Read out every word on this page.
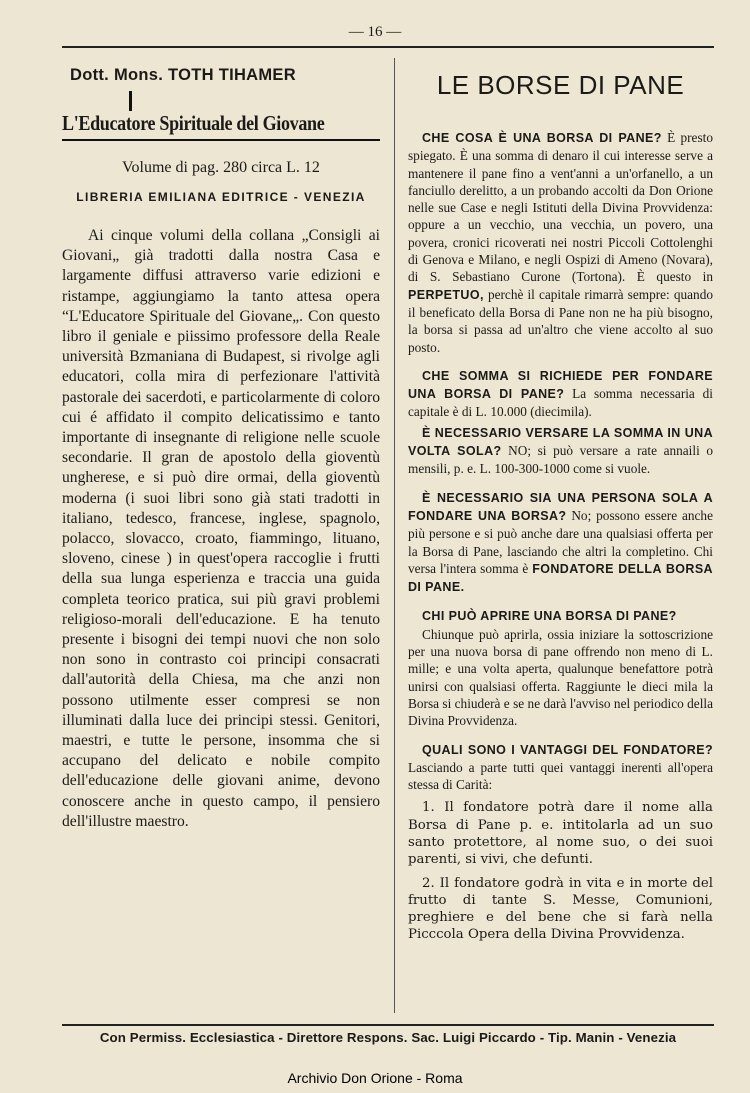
— 16 —
Dott. Mons. TOTH TIHAMER
L'Educatore Spirituale del Giovane
Volume di pag. 280 circa L. 12
LIBRERIA EMILIANA EDITRICE - VENEZIA

Ai cinque volumi della collana „Consigli ai Giovani„ già tradotti dalla nostra Casa e largamente diffusi attraverso varie edizioni e ristampe, aggiungiamo la tanto attesa opera “L'Educatore Spirituale del Giovane„. Con questo libro il geniale e piissimo professore della Reale università Bzmaniana di Budapest, si rivolge agli educatori, colla mira di perfezionare l'attività pastorale dei sacerdoti, e particolarmente di coloro cui é affidato il compito delicatissimo e tanto importante di insegnante di religione nelle scuole secondarie. Il gran de apostolo della gioventù ungherese, e si può dire ormai, della gioventù moderna (i suoi libri sono già stati tradotti in italiano, tedesco, francese, inglese, spagnolo, polacco, slovacco, croato, fiammingo, lituano, sloveno, cinese ) in quest'opera raccoglie i frutti della sua lunga esperienza e traccia una guida completa teorico pratica, sui più gravi problemi religioso-morali dell'educazione. E ha tenuto presente i bisogni dei tempi nuovi che non solo non sono in contrasto coi principi consacrati dall'autorità della Chiesa, ma che anzi non possono utilmente esser compresi se non illuminati dalla luce dei principi stessi. Genitori, maestri, e tutte le persone, insomma che si accupano del delicato e nobile compito dell'educazione delle giovani anime, devono conoscere anche in questo campo, il pensiero dell'illustre maestro.

LE BORSE DI PANE
CHE COSA È UNA BORSA DI PANE? È presto spiegato. È una somma di denaro il cui interesse serve a mantenere il pane fino a vent'anni a un'orfanello, a un fanciullo derelitto, a un probando accolti da Don Orione nelle sue Case e negli Istituti della Divina Provvidenza: oppure a un vecchio, una vecchia, un povero, una povera, cronici ricoverati nei nostri Piccoli Cottolenghi di Genova e Milano, e negli Ospizi di Ameno (Novara), di S. Sebastiano Curone (Tortona). È questo in PERPETUO, perchè il capitale rimarrà sempre: quando il beneficato della Borsa di Pane non ne ha più bisogno, la borsa si passa ad un'altro che viene accolto al suo posto.
CHE SOMMA SI RICHIEDE PER FONDARE UNA BORSA DI PANE? La somma necessaria di capitale è di L. 10.000 (diecimila).
È NECESSARIO VERSARE LA SOMMA IN UNA VOLTA SOLA? NO; si può versare a rate annaili o mensili, p. e. L. 100-300-1000 come si vuole.
È NECESSARIO SIA UNA PERSONA SOLA A FONDARE UNA BORSA? No; possono essere anche più persone e si può anche dare una qualsiasi offerta per la Borsa di Pane, lasciando che altri la completino. Chi versa l'intera somma è FONDATORE DELLA BORSA DI PANE.
CHI PUÒ APRIRE UNA BORSA DI PANE?
Chiunque può aprirla, ossia iniziare la sottoscrizione per una nuova borsa di pane offrendo non meno di L. mille; e una volta aperta, qualunque benefattore potrà unirsi con qualsiasi offerta. Raggiunte le dieci mila la Borsa si chiuderà e se ne darà l'avviso nel periodico della Divina Provvidenza.
QUALI SONO I VANTAGGI DEL FONDATORE? Lasciando a parte tutti quei vantaggi inerenti all'opera stessa di Carità:

1. Il fondatore potrà dare il nome alla Borsa di Pane p. e. intitolarla ad un suo santo protettore, al nome suo, o dei suoi parenti, si vivi, che defunti.

2. Il fondatore godrà in vita e in morte del frutto di tante S. Messe, Comunioni, preghiere e del bene che si farà nella Picccola Opera della Divina Provvidenza.

Con Permiss. Ecclesiastica - Direttore Respons. Sac. Luigi Piccardo - Tip. Manin - Venezia
Archivio Don Orione - Roma
